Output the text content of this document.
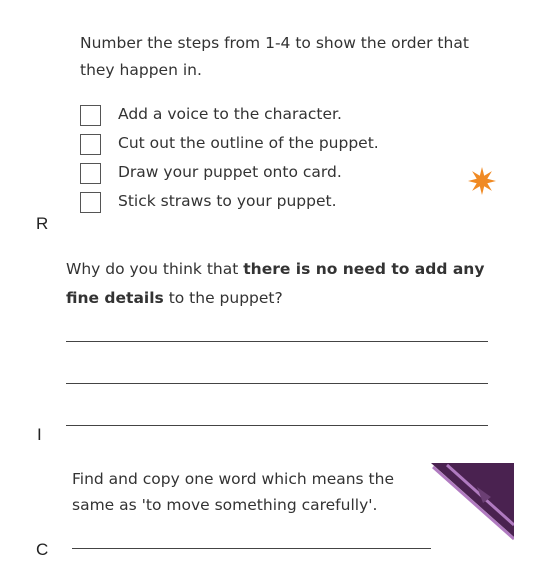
Number the steps from 1-4 to show the order that they happen in.
Add a voice to the character.
Cut out the outline of the puppet.
Draw your puppet onto card.
Stick straws to your puppet.
R
I
C
Why do you think that there is no need to add any fine details to the puppet?
Find and copy one word which means the same as 'to move something carefully'.
